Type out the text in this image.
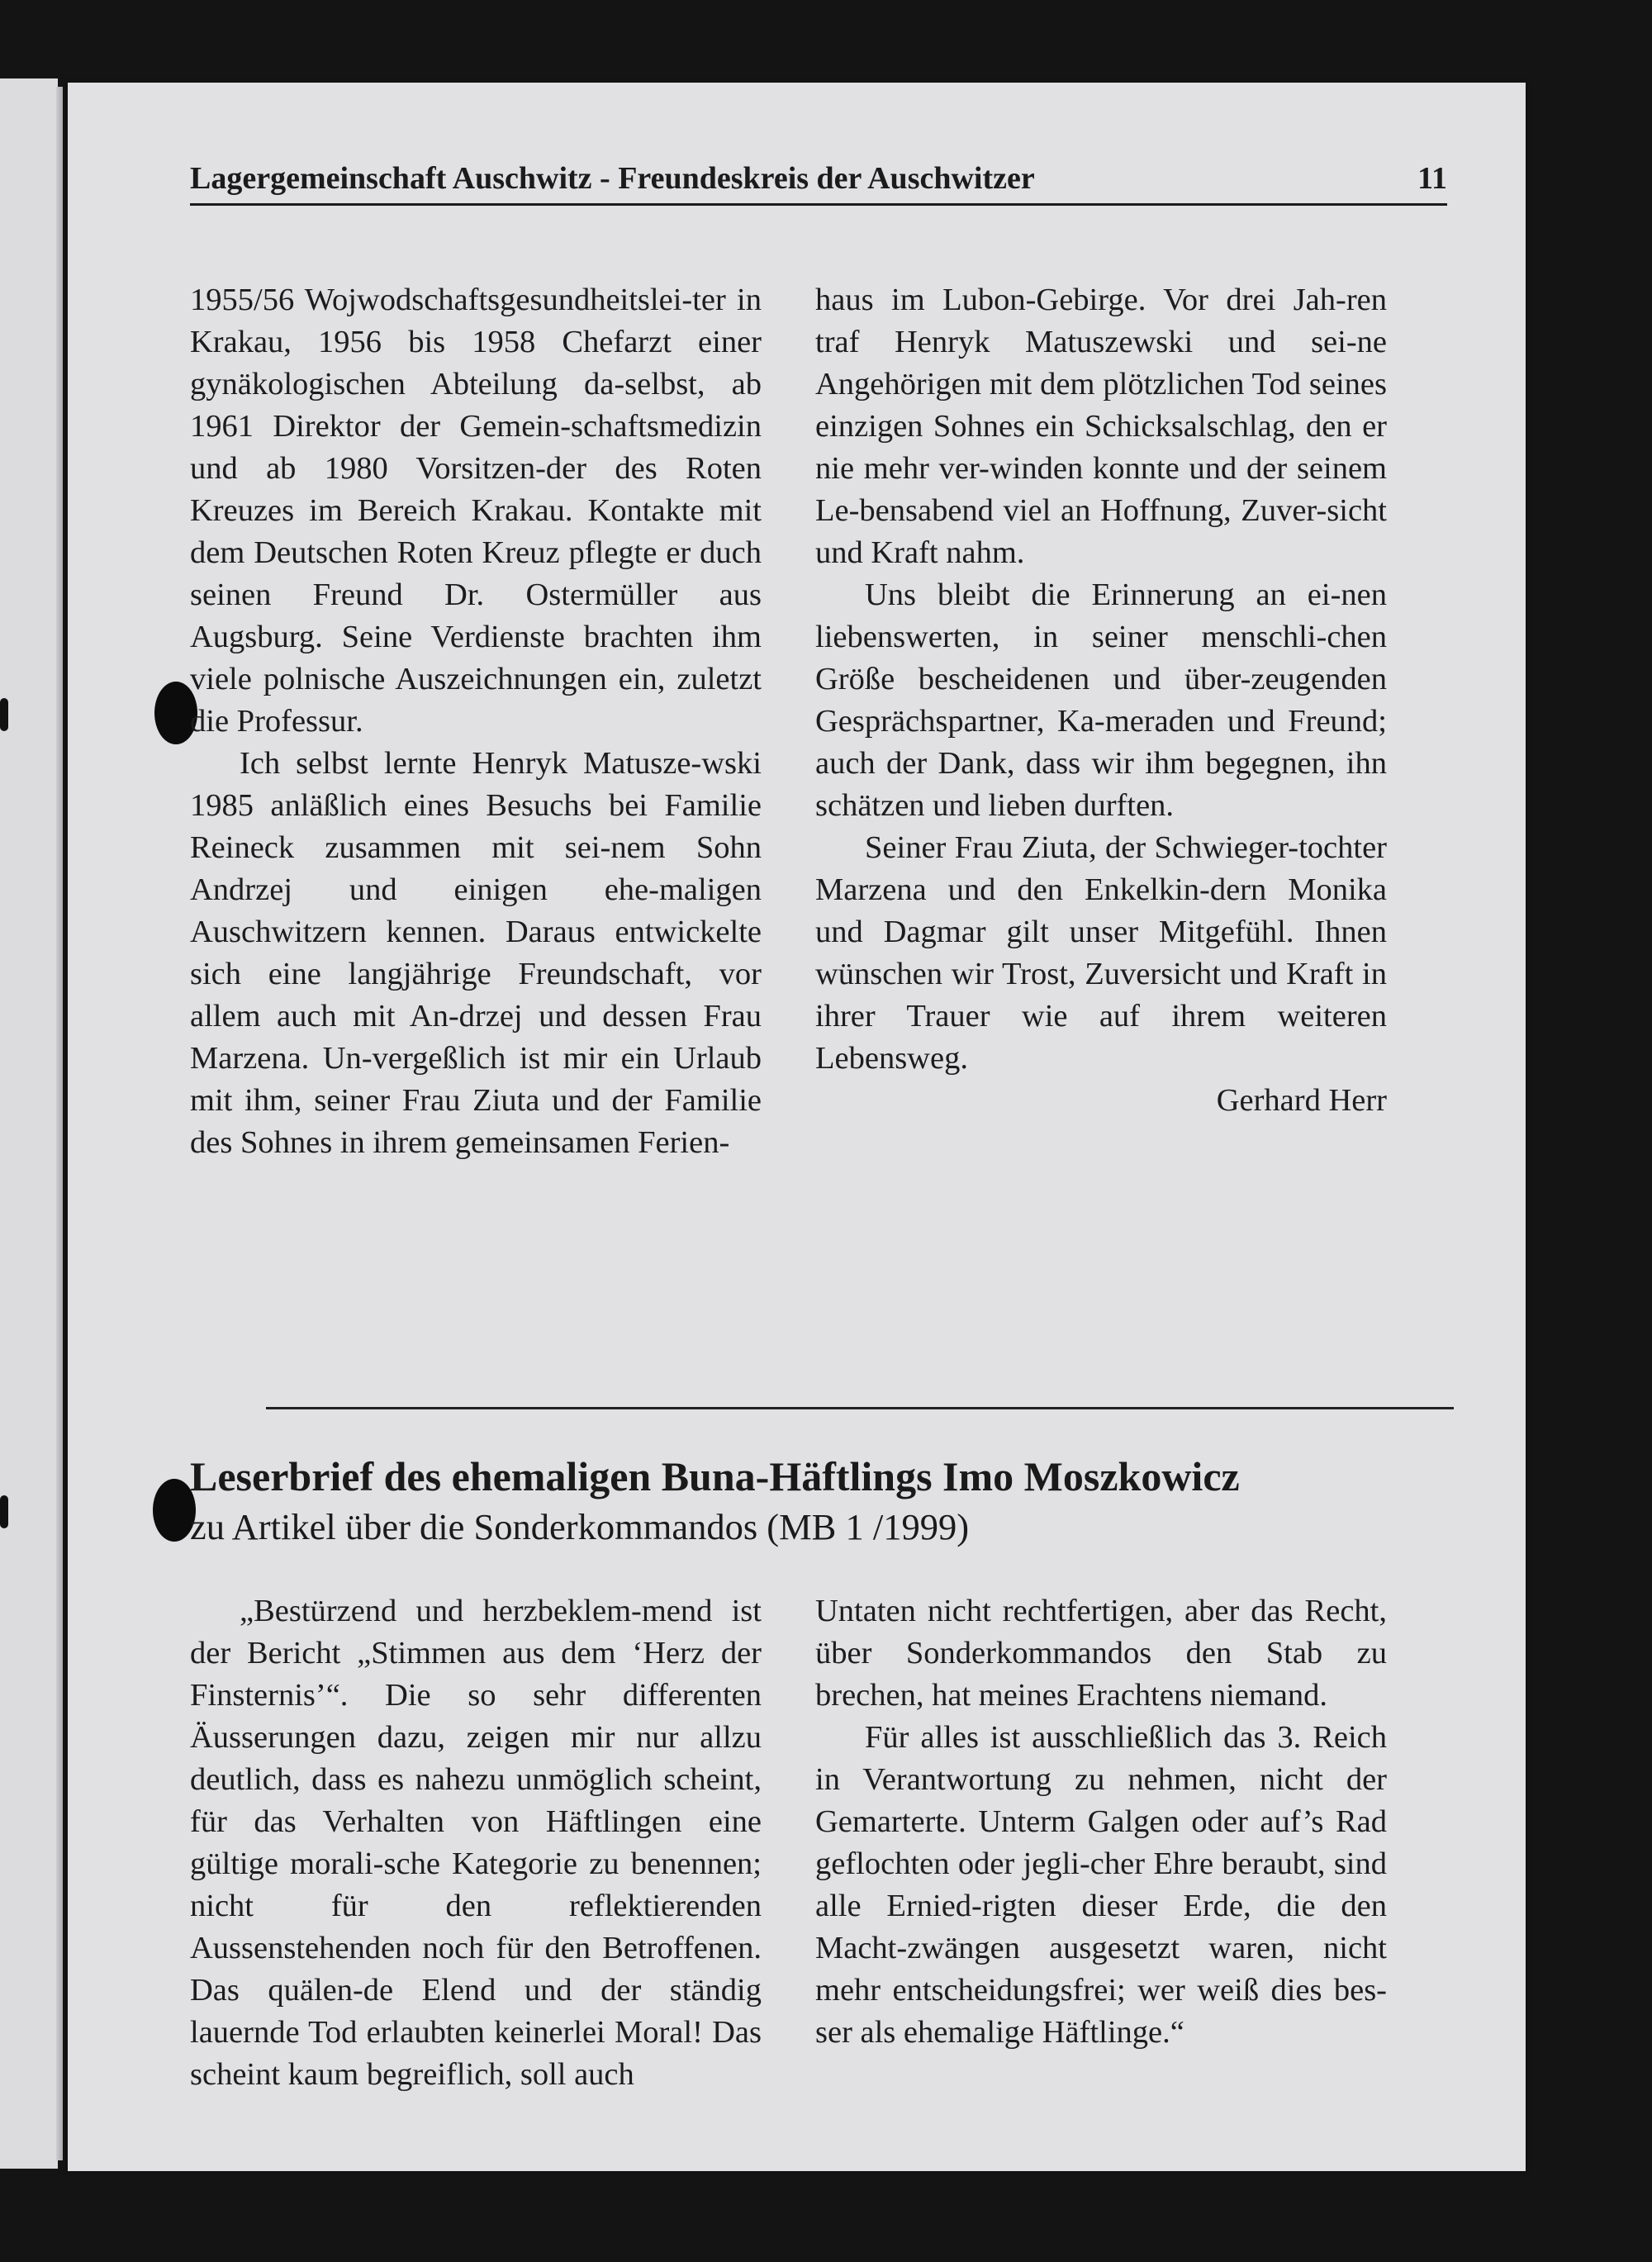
Lagergemeinschaft Auschwitz - Freundeskreis der Auschwitzer	11

1955/56 Wojwodschaftsgesundheitslei-ter in Krakau, 1956 bis 1958 Chefarzt einer gynäkologischen Abteilung da-selbst, ab 1961 Direktor der Gemein-schaftsmedizin und ab 1980 Vorsitzen-der des Roten Kreuzes im Bereich Krakau. Kontakte mit dem Deutschen Roten Kreuz pflegte er duch seinen Freund Dr. Ostermüller aus Augsburg. Seine Verdienste brachten ihm viele polnische Auszeichnungen ein, zuletzt die Professur.

Ich selbst lernte Henryk Matusze-wski 1985 anläßlich eines Besuchs bei Familie Reineck zusammen mit sei-nem Sohn Andrzej und einigen ehe-maligen Auschwitzern kennen. Daraus entwickelte sich eine langjährige Freundschaft, vor allem auch mit An-drzej und dessen Frau Marzena. Un-vergeßlich ist mir ein Urlaub mit ihm, seiner Frau Ziuta und der Familie des Sohnes in ihrem gemeinsamen Ferien-

haus im Lubon-Gebirge. Vor drei Jah-ren traf Henryk Matuszewski und sei-ne Angehörigen mit dem plötzlichen Tod seines einzigen Sohnes ein Schicksalschlag, den er nie mehr ver-winden konnte und der seinem Le-bensabend viel an Hoffnung, Zuver-sicht und Kraft nahm.

Uns bleibt die Erinnerung an ei-nen liebenswerten, in seiner menschli-chen Größe bescheidenen und über-zeugenden Gesprächspartner, Ka-meraden und Freund; auch der Dank, dass wir ihm begegnen, ihn schätzen und lieben durften.

Seiner Frau Ziuta, der Schwieger-tochter Marzena und den Enkelkin-dern Monika und Dagmar gilt unser Mitgefühl. Ihnen wünschen wir Trost, Zuversicht und Kraft in ihrer Trauer wie auf ihrem weiteren Lebensweg.

Gerhard Herr

Leserbrief des ehemaligen Buna-Häftlings Imo Moszkowicz
zu Artikel über die Sonderkommandos (MB 1 /1999)

„Bestürzend und herzbeklem-mend ist der Bericht „Stimmen aus dem ‘Herz der Finsternis’“. Die so sehr differenten Äusserungen dazu, zeigen mir nur allzu deutlich, dass es nahezu unmöglich scheint, für das Verhalten von Häftlingen eine gültige morali-sche Kategorie zu benennen; nicht für den reflektierenden Aussenstehenden noch für den Betroffenen. Das quälen-de Elend und der ständig lauernde Tod erlaubten keinerlei Moral! Das scheint kaum begreiflich, soll auch

Untaten nicht rechtfertigen, aber das Recht, über Sonderkommandos den Stab zu brechen, hat meines Erachtens niemand.

Für alles ist ausschließlich das 3. Reich in Verantwortung zu nehmen, nicht der Gemarterte. Unterm Galgen oder auf’s Rad geflochten oder jegli-cher Ehre beraubt, sind alle Ernied-rigten dieser Erde, die den Macht-zwängen ausgesetzt waren, nicht mehr entscheidungsfrei; wer weiß dies bes-ser als ehemalige Häftlinge.“
